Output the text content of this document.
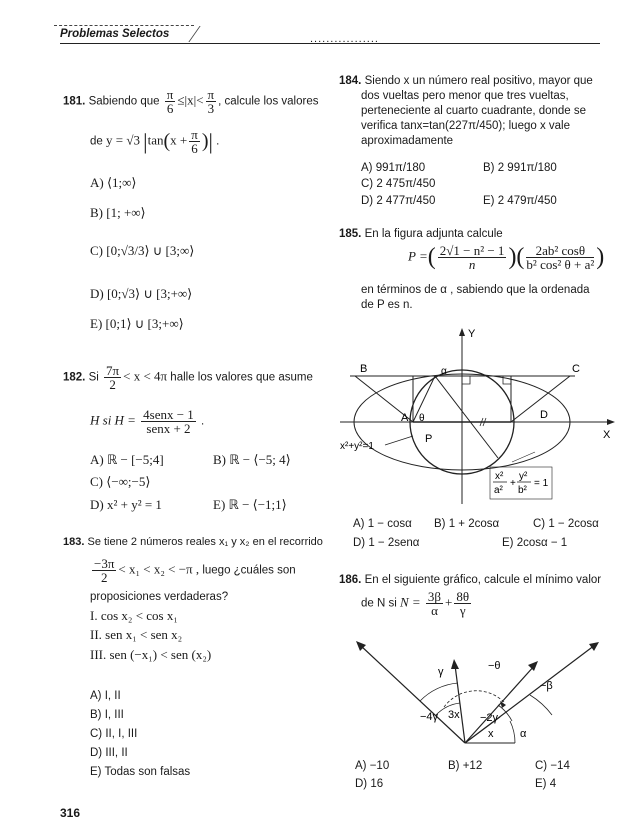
Problemas Selectos	.................
181. Sabiendo que $\frac{\pi}{6} \le|x|< \frac{\pi}{3}$ , calcule los valores
de y = √3 $|\tan(x + \frac{\pi}{6}$ )| .
A) ⟨1;∞⟩
B) [1; +∞⟩
C) [0;√3/3⟩ ∪ [3;∞⟩
D) [0;√3⟩ ∪ [3;+∞⟩
E) [0;1⟩ ∪ [3;+∞⟩
182. Si $\frac{7\pi}{2} < x < 4\pi$ halle los valores que asume
H si $H = \frac{\text{4senx − 1}}{\text{senx + 2}}$ .
A) ℝ − [−5;4]	B) ℝ − ⟨−5; 4⟩
C) ⟨−∞;−5⟩
D) x² + y² = 1	E) ℝ − ⟨−1;1⟩
183. Se tiene 2 números reales x₁ y x₂ en el recorrido
$\frac{-3\pi}{2} < x_1 < x_2 < -\pi$ , luego ¿cuáles son
proposiciones verdaderas?
I. cos x₂ < cos x₁
II. sen x₁ < sen x₂
III. sen (−x₁) < sen (x₂)
A) I, II
B) I, III
C) II, I, III
D) III, II
E) Todas son falsas
184. Siendo x un número real positivo, mayor que
dos vueltas pero menor que tres vueltas,
perteneciente al cuarto cuadrante, donde se
verifica tanx=tan(227π/450); luego x vale
aproximadamente
A) 991π/180	B) 2 991π/180
C) 2 475π/450
D) 2 477π/450	E) 2 479π/450
185. En la figura adjunta calcule
P =( $\frac{\text{2√1 − n² − 1}}{n}$ )( $\frac{\text{2ab² cosθ}}{\text{b² cos² θ + a²}}$ )
en términos de α , sabiendo que la ordenada
de P es n.
Y
X
B	C
A θ	D
P
α
x²+y²=1
x²
a²
+
y²
b²
= 1
A) 1 − cosα B) 1 + 2cosα	C) 1 − 2cosα
D) 1 − 2senα	E) 2cosα − 1
186. En el siguiente gráfico, calcule el mínimo valor
de N si $N = \frac{3\beta}{\alpha} + \frac{8\theta}{\gamma}$
γ	−θ
−β
−4γ 3x −2γ
x α
A) −10	B) +12	C) −14
D) 16	E) 4
316
